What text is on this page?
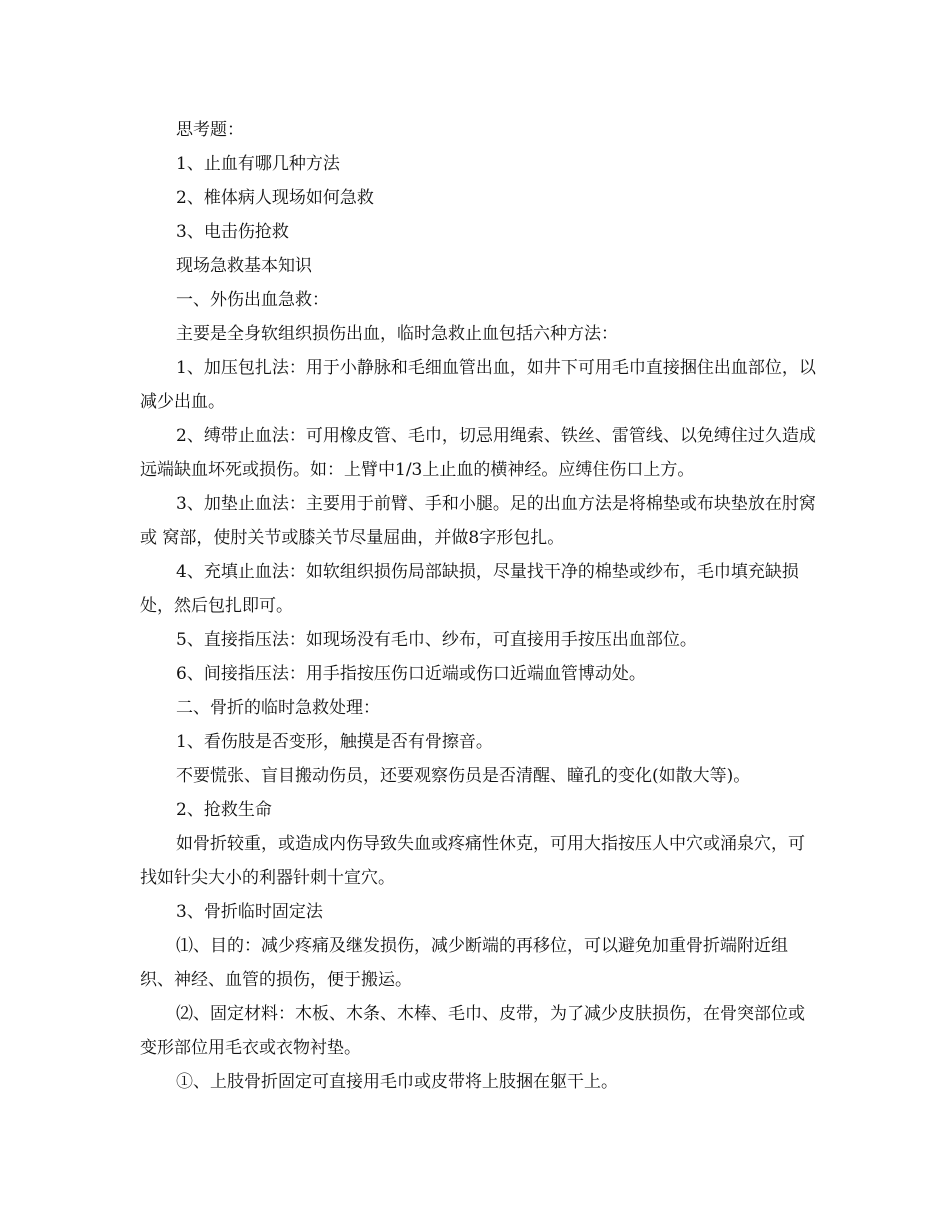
思考题：

1、止血有哪几种方法

2、椎体病人现场如何急救

3、电击伤抢救

现场急救基本知识

一、外伤出血急救：

主要是全身软组织损伤出血，临时急救止血包括六种方法：

1、加压包扎法：用于小静脉和毛细血管出血，如井下可用毛巾直接捆住出血部位，以减少出血。

2、缚带止血法：可用橡皮管、毛巾，切忌用绳索、铁丝、雷管线、以免缚住过久造成远端缺血坏死或损伤。如：上臂中1/3上止血的横神经。应缚住伤口上方。

3、加垫止血法：主要用于前臂、手和小腿。足的出血方法是将棉垫或布块垫放在肘窝或 窝部，使肘关节或膝关节尽量屈曲，并做8字形包扎。

4、充填止血法：如软组织损伤局部缺损，尽量找干净的棉垫或纱布，毛巾填充缺损处，然后包扎即可。

5、直接指压法：如现场没有毛巾、纱布，可直接用手按压出血部位。

6、间接指压法：用手指按压伤口近端或伤口近端血管博动处。

二、骨折的临时急救处理：

1、看伤肢是否变形，触摸是否有骨擦音。

不要慌张、盲目搬动伤员，还要观察伤员是否清醒、瞳孔的变化(如散大等)。

2、抢救生命

如骨折较重，或造成内伤导致失血或疼痛性休克，可用大指按压人中穴或涌泉穴，可找如针尖大小的利器针刺十宣穴。

3、骨折临时固定法

⑴、目的：减少疼痛及继发损伤，减少断端的再移位，可以避免加重骨折端附近组织、神经、血管的损伤，便于搬运。

⑵、固定材料：木板、木条、木棒、毛巾、皮带，为了减少皮肤损伤，在骨突部位或变形部位用毛衣或衣物衬垫。

①、上肢骨折固定可直接用毛巾或皮带将上肢捆在躯干上。
